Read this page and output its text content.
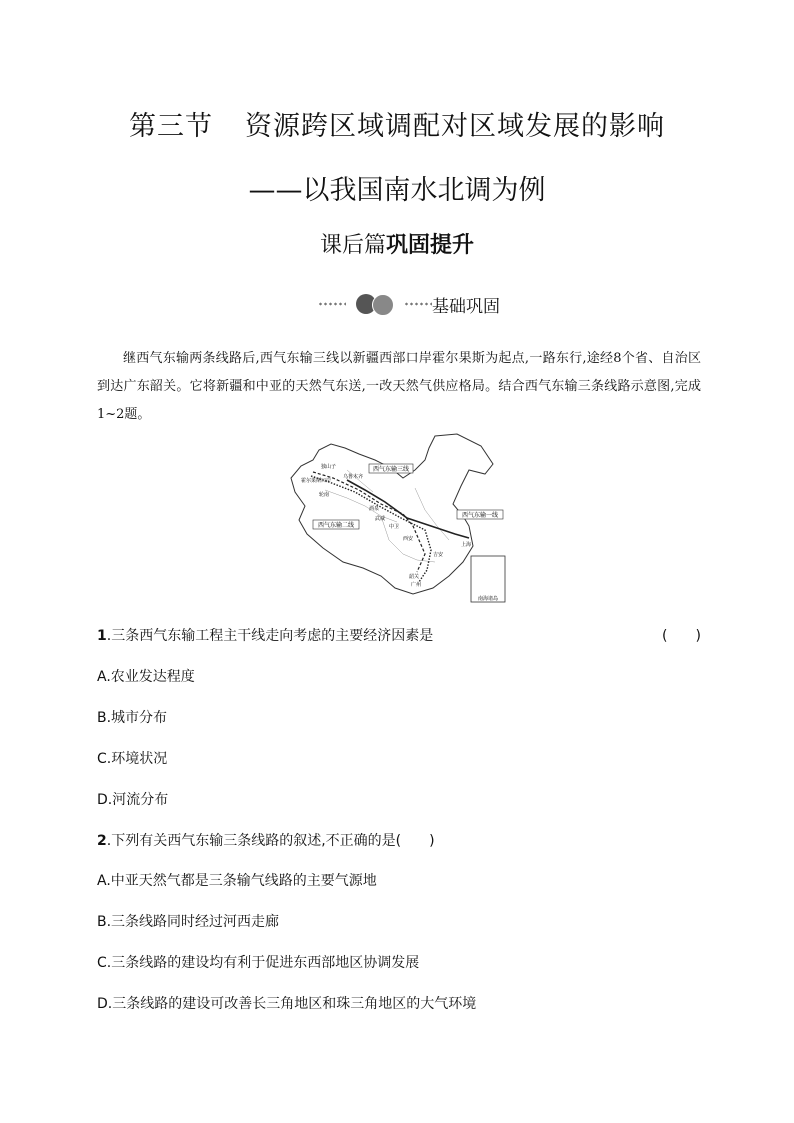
第三节 资源跨区域调配对区域发展的影响
——以我国南水北调为例
课后篇巩固提升
基础巩固
继西气东输两条线路后,西气东输三线以新疆西部口岸霍尔果斯为起点,一路东行,途经8个省、自治区到达广东韶关。它将新疆和中亚的天然气东送,一改天然气供应格局。结合西气东输三条线路示意图,完成1~2题。
南海诸岛
西气东输三线
西气东输二线
西气东输一线
霍尔果斯口岸
独山子
乌鲁木齐
轮南
酒泉
中卫
武威
西安
上海
吉安
韶关
广州
1.三条西气东输工程主干线走向考虑的主要经济因素是	(　　)
A.农业发达程度
B.城市分布
C.环境状况
D.河流分布
2.下列有关西气东输三条线路的叙述,不正确的是(　　)
A.中亚天然气都是三条输气线路的主要气源地
B.三条线路同时经过河西走廊
C.三条线路的建设均有利于促进东西部地区协调发展
D.三条线路的建设可改善长三角地区和珠三角地区的大气环境
